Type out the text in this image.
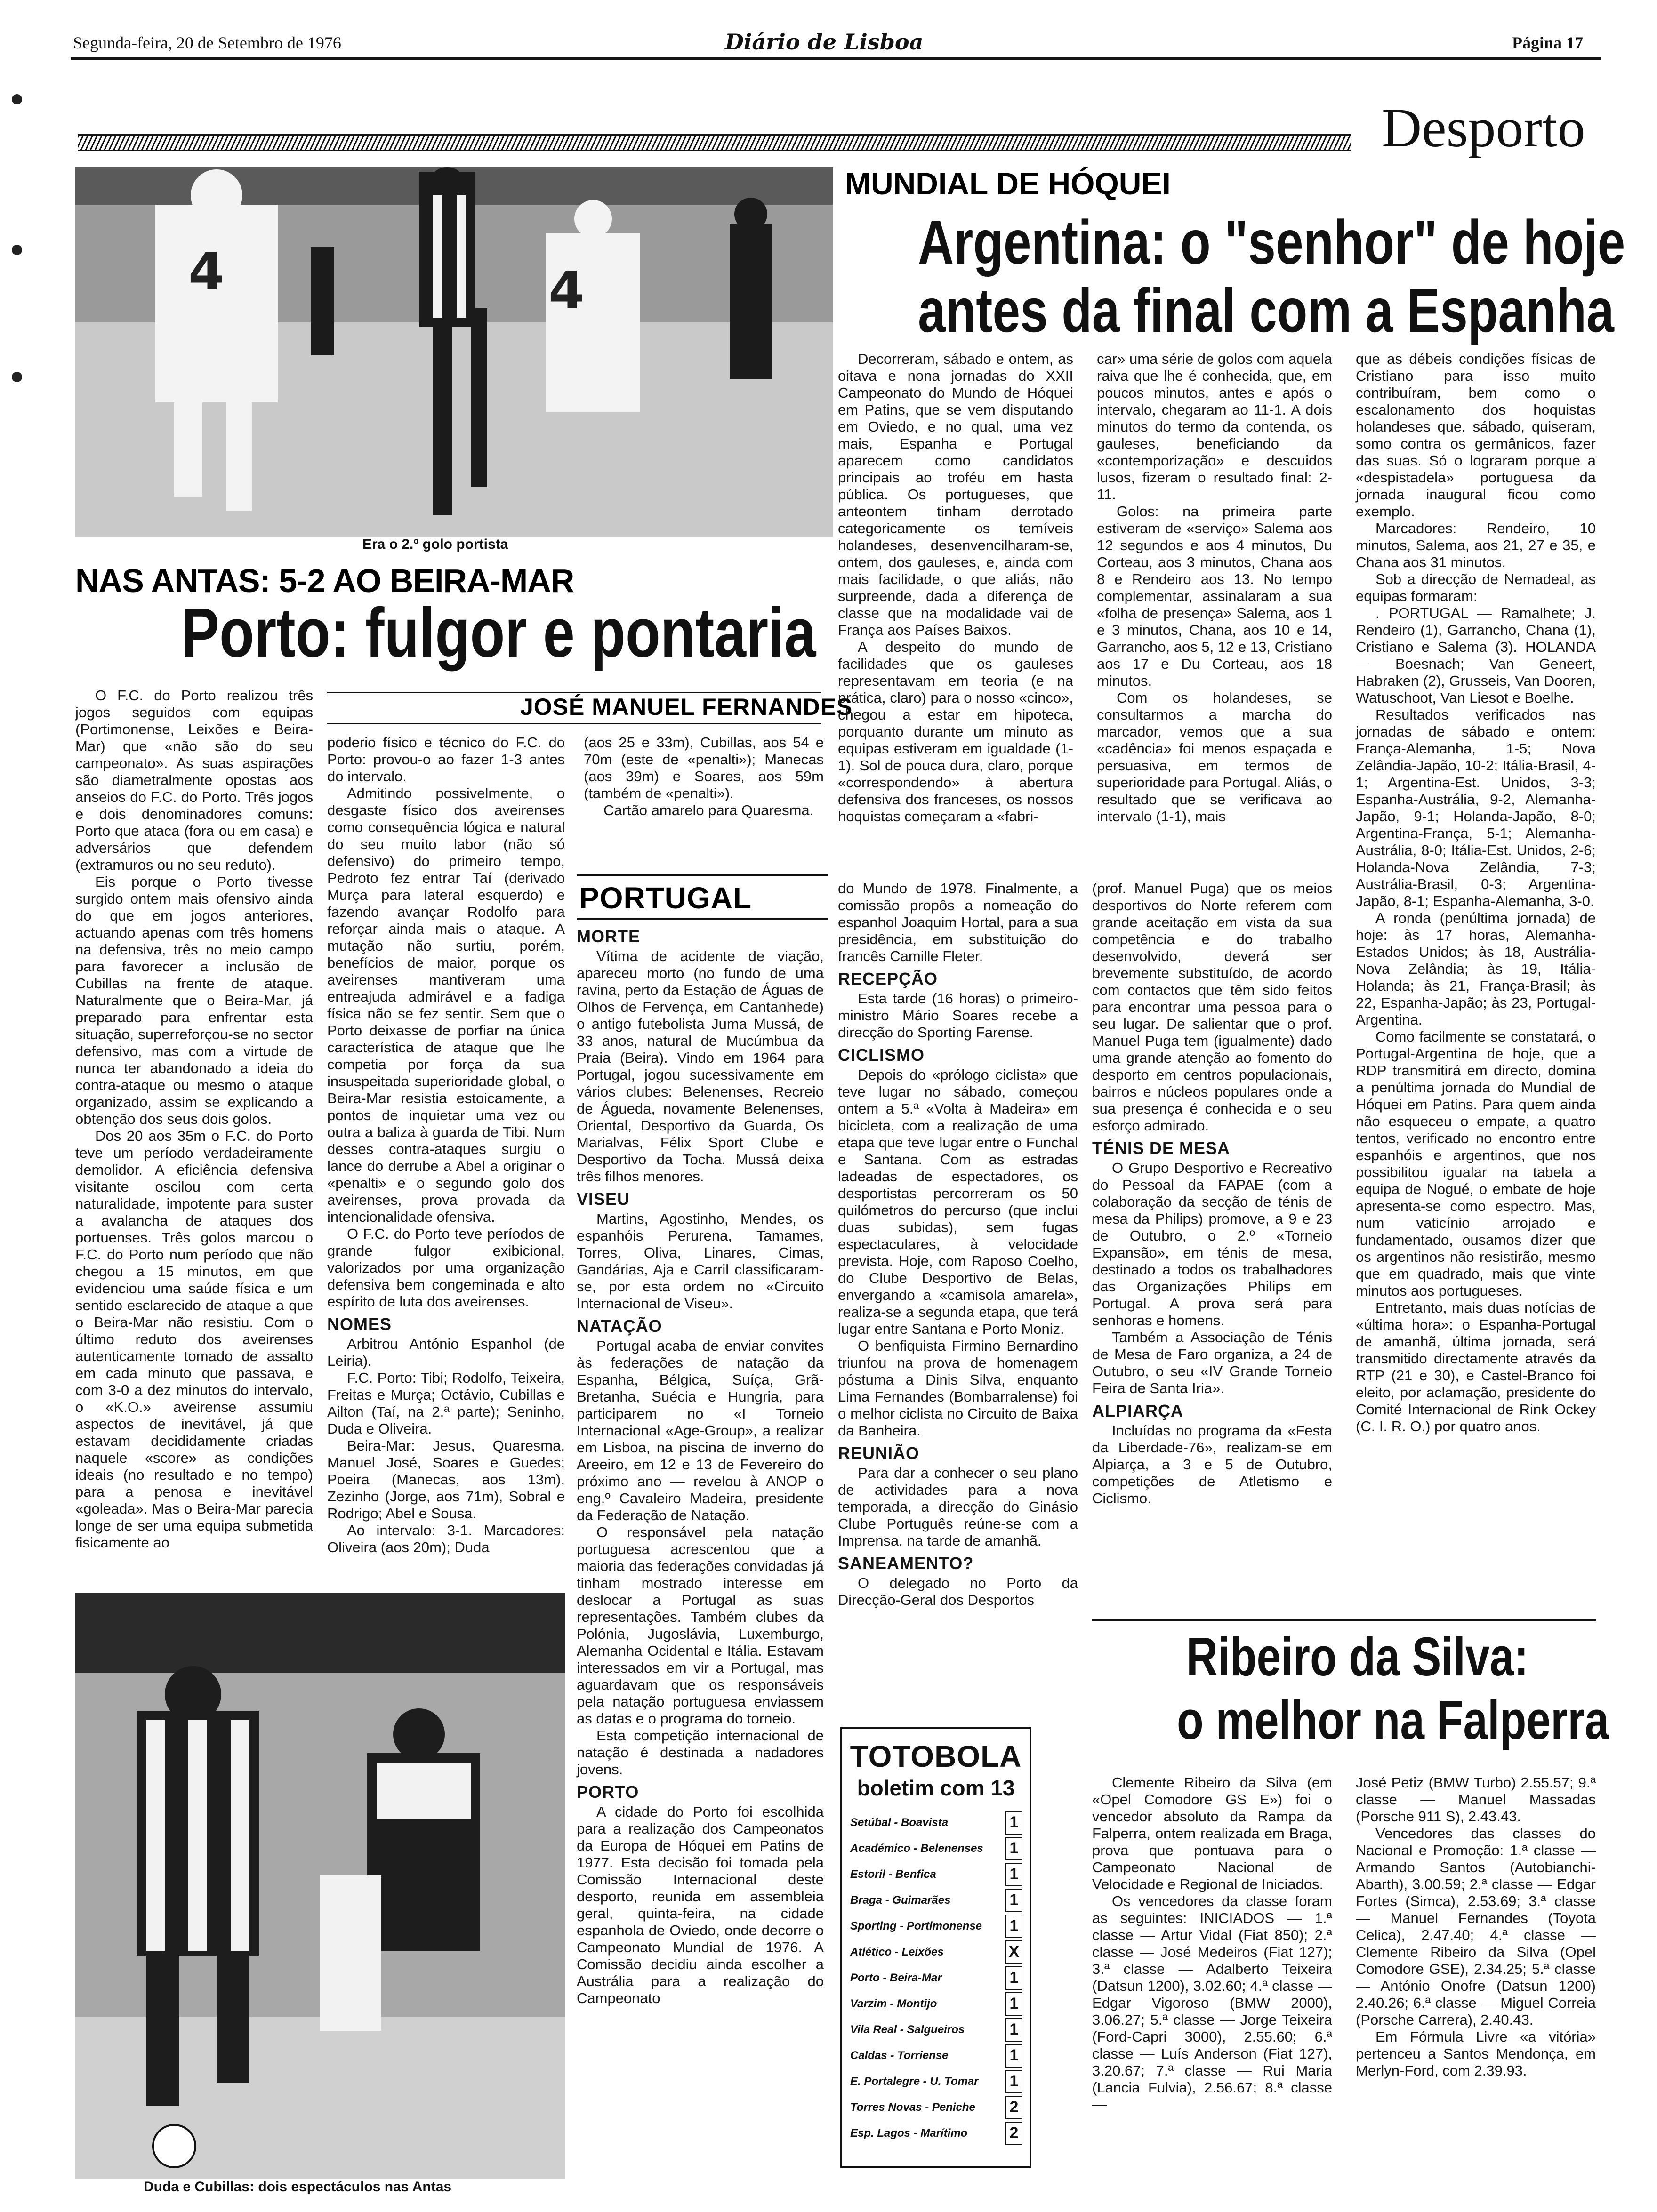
Segunda-feira, 20 de Setembro de 1976	Diário de Lisboa	Página 17
Desporto
4	4
Era o 2.º golo portista
NAS ANTAS: 5-2 AO BEIRA-MAR
Porto: fulgor e pontaria
JOSÉ MANUEL FERNANDES

O F.C. do Porto realizou três jogos seguidos com equipas (Portimonense, Leixões e Beira-Mar) que «não são do seu campeonato». As suas aspirações são diametralmente opostas aos anseios do F.C. do Porto. Três jogos e dois denominadores comuns: Porto que ataca (fora ou em casa) e adversários que defendem (extramuros ou no seu reduto).

Eis porque o Porto tivesse surgido ontem mais ofensivo ainda do que em jogos anteriores, actuando apenas com três homens na defensiva, três no meio campo para favorecer a inclusão de Cubillas na frente de ataque. Naturalmente que o Beira-Mar, já preparado para enfrentar esta situação, superreforçou-se no sector defensivo, mas com a virtude de nunca ter abandonado a ideia do contra-ataque ou mesmo o ataque organizado, assim se explicando a obtenção dos seus dois golos.

Dos 20 aos 35m o F.C. do Porto teve um período verdadeiramente demolidor. A eficiência defensiva visitante oscilou com certa naturalidade, impotente para suster a avalancha de ataques dos portuenses. Três golos marcou o F.C. do Porto num período que não chegou a 15 minutos, em que evidenciou uma saúde física e um sentido esclarecido de ataque a que o Beira-Mar não resistiu. Com o último reduto dos aveirenses autenticamente tomado de assalto em cada minuto que passava, e com 3-0 a dez minutos do intervalo, o «K.O.» aveirense assumiu aspectos de inevitável, já que estavam decididamente criadas naquele «score» as condições ideais (no resultado e no tempo) para a penosa e inevitável «goleada». Mas o Beira-Mar parecia longe de ser uma equipa submetida fisicamente ao

poderio físico e técnico do F.C. do Porto: provou-o ao fazer 1-3 antes do intervalo.

Admitindo possivelmente, o desgaste físico dos aveirenses como consequência lógica e natural do seu muito labor (não só defensivo) do primeiro tempo, Pedroto fez entrar Taí (derivado Murça para lateral esquerdo) e fazendo avançar Rodolfo para reforçar ainda mais o ataque. A mutação não surtiu, porém, benefícios de maior, porque os aveirenses mantiveram uma entreajuda admirável e a fadiga física não se fez sentir. Sem que o Porto deixasse de porfiar na única característica de ataque que lhe competia por força da sua insuspeitada superioridade global, o Beira-Mar resistia estoicamente, a pontos de inquietar uma vez ou outra a baliza à guarda de Tibi. Num desses contra-ataques surgiu o lance do derrube a Abel a originar o «penalti» e o segundo golo dos aveirenses, prova provada da intencionalidade ofensiva.

O F.C. do Porto teve períodos de grande fulgor exibicional, valorizados por uma organização defensiva bem congeminada e alto espírito de luta dos aveirenses.

NOMES

Arbitrou António Espanhol (de Leiria).

F.C. Porto: Tibi; Rodolfo, Teixeira, Freitas e Murça; Octávio, Cubillas e Ailton (Taí, na 2.ª parte); Seninho, Duda e Oliveira.

Beira-Mar: Jesus, Quaresma, Manuel José, Soares e Guedes; Poeira (Manecas, aos 13m), Zezinho (Jorge, aos 71m), Sobral e Rodrigo; Abel e Sousa.

Ao intervalo: 3-1. Marcadores: Oliveira (aos 20m); Duda

(aos 25 e 33m), Cubillas, aos 54 e 70m (este de «penalti»); Manecas (aos 39m) e Soares, aos 59m (também de «penalti»).

Cartão amarelo para Quaresma.

Duda e Cubillas: dois espectáculos nas Antas
MUNDIAL DE HÓQUEI
Argentina: o "senhor" de hoje
antes da final com a Espanha

Decorreram, sábado e ontem, as oitava e nona jornadas do XXII Campeonato do Mundo de Hóquei em Patins, que se vem disputando em Oviedo, e no qual, uma vez mais, Espanha e Portugal aparecem como candidatos principais ao troféu em hasta pública. Os portugueses, que anteontem tinham derrotado categoricamente os temíveis holandeses, desenvencilharam-se, ontem, dos gauleses, e, ainda com mais facilidade, o que aliás, não surpreende, dada a diferença de classe que na modalidade vai de França aos Países Baixos.

A despeito do mundo de facilidades que os gauleses representavam em teoria (e na prática, claro) para o nosso «cinco», chegou a estar em hipoteca, porquanto durante um minuto as equipas estiveram em igualdade (1-1). Sol de pouca dura, claro, porque «correspondendo» à abertura defensiva dos franceses, os nossos hoquistas começaram a «fabri-

car» uma série de golos com aquela raiva que lhe é conhecida, que, em poucos minutos, antes e após o intervalo, chegaram ao 11-1. A dois minutos do termo da contenda, os gauleses, beneficiando da «contemporização» e descuidos lusos, fizeram o resultado final: 2-11.

Golos: na primeira parte estiveram de «serviço» Salema aos 12 segundos e aos 4 minutos, Du Corteau, aos 3 minutos, Chana aos 8 e Rendeiro aos 13. No tempo complementar, assinalaram a sua «folha de presença» Salema, aos 1 e 3 minutos, Chana, aos 10 e 14, Garrancho, aos 5, 12 e 13, Cristiano aos 17 e Du Corteau, aos 18 minutos.

Com os holandeses, se consultarmos a marcha do marcador, vemos que a sua «cadência» foi menos espaçada e persuasiva, em termos de superioridade para Portugal. Aliás, o resultado que se verificava ao intervalo (1-1), mais

que as débeis condições físicas de Cristiano para isso muito contribuíram, bem como o escalonamento dos hoquistas holandeses que, sábado, quiseram, somo contra os germânicos, fazer das suas. Só o lograram porque a «despistadela» portuguesa da jornada inaugural ficou como exemplo.

Marcadores: Rendeiro, 10 minutos, Salema, aos 21, 27 e 35, e Chana aos 31 minutos.

Sob a direcção de Nemadeal, as equipas formaram:

. PORTUGAL — Ramalhete; J. Rendeiro (1), Garrancho, Chana (1), Cristiano e Salema (3). HOLANDA — Boesnach; Van Geneert, Habraken (2), Grusseis, Van Dooren, Watuschoot, Van Liesot e Boelhe.

Resultados verificados nas jornadas de sábado e ontem: França-Alemanha, 1-5; Nova Zelândia-Japão, 10-2; Itália-Brasil, 4-1; Argentina-Est. Unidos, 3-3; Espanha-Austrália, 9-2, Alemanha-Japão, 9-1; Holanda-Japão, 8-0; Argentina-França, 5-1; Alemanha-Austrália, 8-0; Itália-Est. Unidos, 2-6; Holanda-Nova Zelândia, 7-3; Austrália-Brasil, 0-3; Argentina-Japão, 8-1; Espanha-Alemanha, 3-0.

A ronda (penúltima jornada) de hoje: às 17 horas, Alemanha-Estados Unidos; às 18, Austrália-Nova Zelândia; às 19, Itália-Holanda; às 21, França-Brasil; às 22, Espanha-Japão; às 23, Portugal-Argentina.

Como facilmente se constatará, o Portugal-Argentina de hoje, que a RDP transmitirá em directo, domina a penúltima jornada do Mundial de Hóquei em Patins. Para quem ainda não esqueceu o empate, a quatro tentos, verificado no encontro entre espanhóis e argentinos, que nos possibilitou igualar na tabela a equipa de Nogué, o embate de hoje apresenta-se como espectro. Mas, num vaticínio arrojado e fundamentado, ousamos dizer que os argentinos não resistirão, mesmo que em quadrado, mais que vinte minutos aos portugueses.

Entretanto, mais duas notícias de «última hora»: o Espanha-Portugal de amanhã, última jornada, será transmitido directamente através da RTP (21 e 30), e Castel-Branco foi eleito, por aclamação, presidente do Comité Internacional de Rink Ockey (C. I. R. O.) por quatro anos.

PORTUGAL
MORTE

Vítima de acidente de viação, apareceu morto (no fundo de uma ravina, perto da Estação de Águas de Olhos de Fervença, em Cantanhede) o antigo futebolista Juma Mussá, de 33 anos, natural de Mucúmbua da Praia (Beira). Vindo em 1964 para Portugal, jogou sucessivamente em vários clubes: Belenenses, Recreio de Águeda, novamente Belenenses, Oriental, Desportivo da Guarda, Os Marialvas, Félix Sport Clube e Desportivo da Tocha. Mussá deixa três filhos menores.

VISEU

Martins, Agostinho, Mendes, os espanhóis Perurena, Tamames, Torres, Oliva, Linares, Cimas, Gandárias, Aja e Carril classificaram-se, por esta ordem no «Circuito Internacional de Viseu».

NATAÇÃO

Portugal acaba de enviar convites às federações de natação da Espanha, Bélgica, Suíça, Grã-Bretanha, Suécia e Hungria, para participarem no «I Torneio Internacional «Age-Group», a realizar em Lisboa, na piscina de inverno do Areeiro, em 12 e 13 de Fevereiro do próximo ano — revelou à ANOP o eng.º Cavaleiro Madeira, presidente da Federação de Natação.

O responsável pela natação portuguesa acrescentou que a maioria das federações convidadas já tinham mostrado interesse em deslocar a Portugal as suas representações. Também clubes da Polónia, Jugoslávia, Luxemburgo, Alemanha Ocidental e Itália. Estavam interessados em vir a Portugal, mas aguardavam que os responsáveis pela natação portuguesa enviassem as datas e o programa do torneio.

Esta competição internacional de natação é destinada a nadadores jovens.

PORTO

A cidade do Porto foi escolhida para a realização dos Campeonatos da Europa de Hóquei em Patins de 1977. Esta decisão foi tomada pela Comissão Internacional deste desporto, reunida em assembleia geral, quinta-feira, na cidade espanhola de Oviedo, onde decorre o Campeonato Mundial de 1976. A Comissão decidiu ainda escolher a Austrália para a realização do Campeonato

do Mundo de 1978. Finalmente, a comissão propôs a nomeação do espanhol Joaquim Hortal, para a sua presidência, em substituição do francês Camille Fleter.

RECEPÇÃO

Esta tarde (16 horas) o primeiro-ministro Mário Soares recebe a direcção do Sporting Farense.

CICLISMO

Depois do «prólogo ciclista» que teve lugar no sábado, começou ontem a 5.ª «Volta à Madeira» em bicicleta, com a realização de uma etapa que teve lugar entre o Funchal e Santana. Com as estradas ladeadas de espectadores, os desportistas percorreram os 50 quilómetros do percurso (que inclui duas subidas), sem fugas espectaculares, à velocidade prevista. Hoje, com Raposo Coelho, do Clube Desportivo de Belas, envergando a «camisola amarela», realiza-se a segunda etapa, que terá lugar entre Santana e Porto Moniz.

O benfiquista Firmino Bernardino triunfou na prova de homenagem póstuma a Dinis Silva, enquanto Lima Fernandes (Bombarralense) foi o melhor ciclista no Circuito de Baixa da Banheira.

REUNIÃO

Para dar a conhecer o seu plano de actividades para a nova temporada, a direcção do Ginásio Clube Português reúne-se com a Imprensa, na tarde de amanhã.

SANEAMENTO?

O delegado no Porto da Direcção-Geral dos Desportos

(prof. Manuel Puga) que os meios desportivos do Norte referem com grande aceitação em vista da sua competência e do trabalho desenvolvido, deverá ser brevemente substituído, de acordo com contactos que têm sido feitos para encontrar uma pessoa para o seu lugar. De salientar que o prof. Manuel Puga tem (igualmente) dado uma grande atenção ao fomento do desporto em centros populacionais, bairros e núcleos populares onde a sua presença é conhecida e o seu esforço admirado.

TÉNIS DE MESA

O Grupo Desportivo e Recreativo do Pessoal da FAPAE (com a colaboração da secção de ténis de mesa da Philips) promove, a 9 e 23 de Outubro, o 2.º «Torneio Expansão», em ténis de mesa, destinado a todos os trabalhadores das Organizações Philips em Portugal. A prova será para senhoras e homens.

Também a Associação de Ténis de Mesa de Faro organiza, a 24 de Outubro, o seu «IV Grande Torneio Feira de Santa Iria».

ALPIARÇA

Incluídas no programa da «Festa da Liberdade-76», realizam-se em Alpiarça, a 3 e 5 de Outubro, competições de Atletismo e Ciclismo.

TOTOBOLA
boletim com 13
Setúbal - Boavista	1
Académico - Belenenses	1
Estoril - Benfica	1
Braga - Guimarães	1
Sporting - Portimonense	1
Atlético - Leixões	X
Porto - Beira-Mar	1
Varzim - Montijo	1
Vila Real - Salgueiros	1
Caldas - Torriense	1
E. Portalegre - U. Tomar	1
Torres Novas - Peniche	2
Esp. Lagos - Marítimo	2
Ribeiro da Silva:
o melhor na Falperra

Clemente Ribeiro da Silva (em «Opel Comodore GS E») foi o vencedor absoluto da Rampa da Falperra, ontem realizada em Braga, prova que pontuava para o Campeonato Nacional de Velocidade e Regional de Iniciados.

Os vencedores da classe foram as seguintes: INICIADOS — 1.ª classe — Artur Vidal (Fiat 850); 2.ª classe — José Medeiros (Fiat 127); 3.ª classe — Adalberto Teixeira (Datsun 1200), 3.02.60; 4.ª classe — Edgar Vigoroso (BMW 2000), 3.06.27; 5.ª classe — Jorge Teixeira (Ford-Capri 3000), 2.55.60; 6.ª classe — Luís Anderson (Fiat 127), 3.20.67; 7.ª classe — Rui Maria (Lancia Fulvia), 2.56.67; 8.ª classe —

José Petiz (BMW Turbo) 2.55.57; 9.ª classe — Manuel Massadas (Porsche 911 S), 2.43.43.

Vencedores das classes do Nacional e Promoção: 1.ª classe — Armando Santos (Autobianchi-Abarth), 3.00.59; 2.ª classe — Edgar Fortes (Simca), 2.53.69; 3.ª classe — Manuel Fernandes (Toyota Celica), 2.47.40; 4.ª classe — Clemente Ribeiro da Silva (Opel Comodore GSE), 2.34.25; 5.ª classe — António Onofre (Datsun 1200) 2.40.26; 6.ª classe — Miguel Correia (Porsche Carrera), 2.40.43.

Em Fórmula Livre «a vitória» pertenceu a Santos Mendonça, em Merlyn-Ford, com 2.39.93.
